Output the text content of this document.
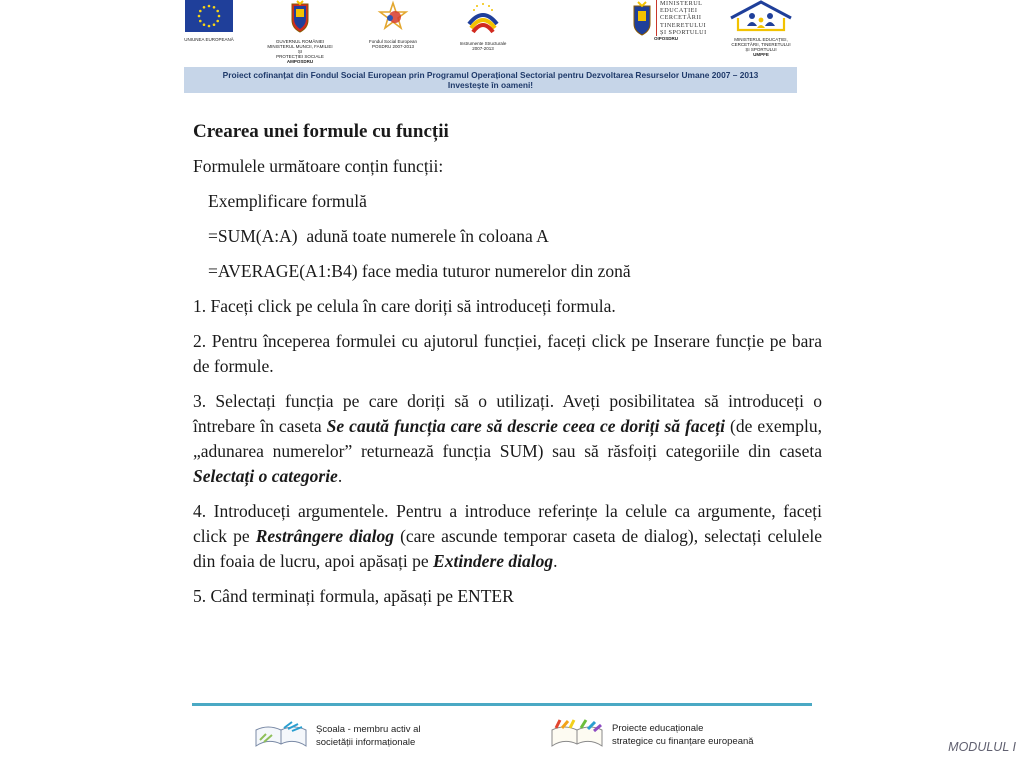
UNIUNEA EUROPEANĂ	GUVERNUL ROMÂNIEI
MINISTERUL MUNCII, FAMILIEI ȘI
PROTECȚIEI SOCIALE
AMPOSDRU
Fondul Social European
POSDRU 2007-2013
Instrumente Structurale
2007-2013
MINISTERUL
EDUCAȚIEI
CERCETĂRII
TINERETULUI
ȘI SPORTULUI
OIPOSDRU	MINISTERUL EDUCAȚIEI,
CERCETĂRII, TINERETULUI
ȘI SPORTULUI
UMPFE
Proiect cofinanțat din Fondul Social European prin Programul Operațional Sectorial pentru Dezvoltarea Resurselor Umane 2007 – 2013
Investește în oameni!
Crearea unei formule cu funcții

Formulele următoare conțin funcții:

Exemplificare formulă

=SUM(A:A)  adună toate numerele în coloana A

=AVERAGE(A1:B4) face media tuturor numerelor din zonă

1. Faceți click pe celula în care doriți să introduceți formula.

2. Pentru începerea formulei cu ajutorul funcției, faceți click pe Inserare funcție pe bara de formule.

3. Selectați funcția pe care doriți să o utilizați. Aveți posibilitatea să introduceți o întrebare în caseta Se caută funcția care să descrie ceea ce doriți să faceți (de exemplu, „adunarea numerelor” returnează funcția SUM) sau să răsfoiți categoriile din caseta Selectați o categorie.

4. Introduceți argumentele. Pentru a introduce referințe la celule ca argumente, faceți click pe Restrângere dialog (care ascunde temporar caseta de dialog), selectați celulele din foaia de lucru, apoi apăsați pe Extindere dialog.

5. Când terminați formula, apăsați pe ENTER

Școala - membru activ al
societății informaționale
Proiecte educaționale
strategice cu finanțare europeană	MODULUL I
